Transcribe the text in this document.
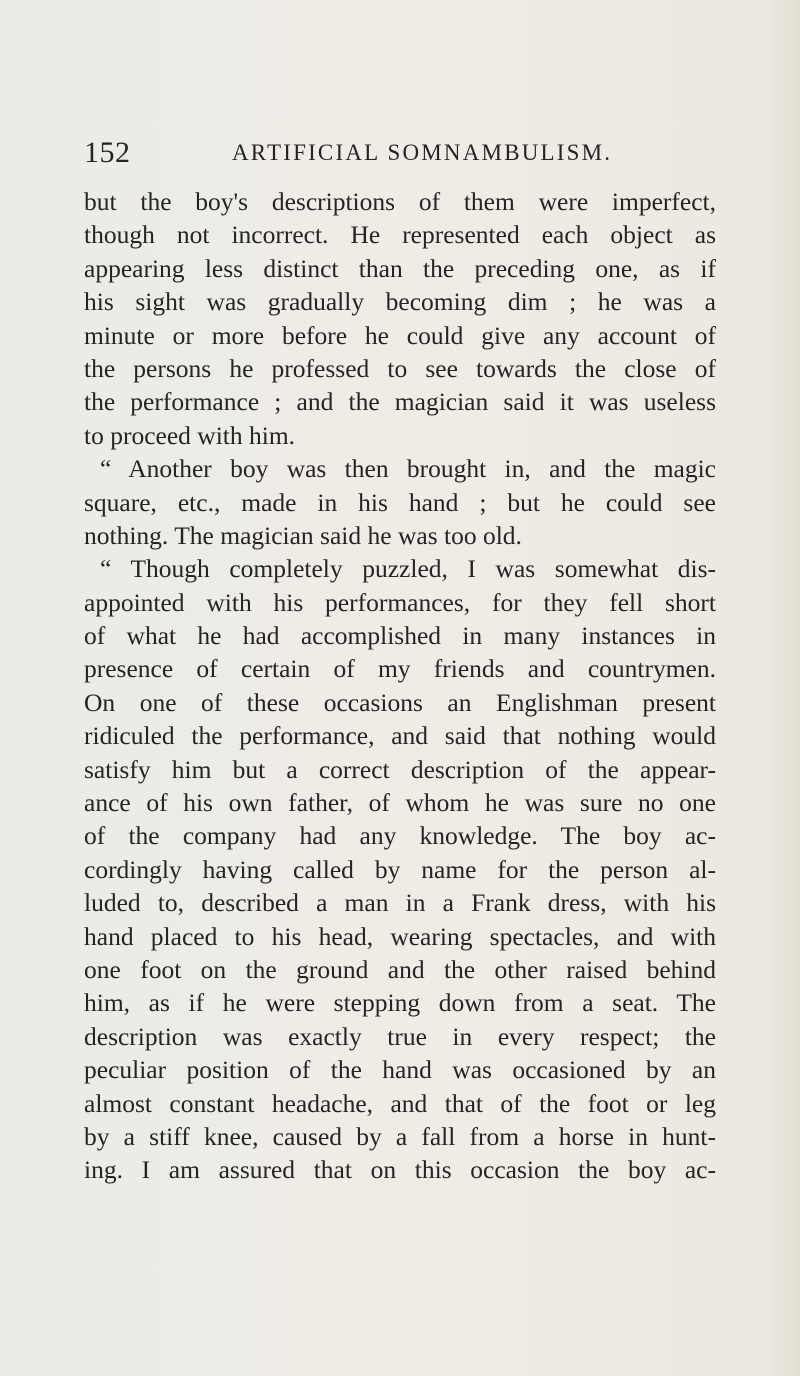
152	ARTIFICIAL SOMNAMBULISM.
but the boy's descriptions of them were imperfect,
though not incorrect. He represented each object as
appearing less distinct than the preceding one, as if
his sight was gradually becoming dim ; he was a
minute or more before he could give any account of
the persons he professed to see towards the close of
the performance ; and the magician said it was useless
to proceed with him.
“ Another boy was then brought in, and the magic
square, etc., made in his hand ; but he could see
nothing. The magician said he was too old.
“ Though completely puzzled, I was somewhat dis-
appointed with his performances, for they fell short
of what he had accomplished in many instances in
presence of certain of my friends and countrymen.
On one of these occasions an Englishman present
ridiculed the performance, and said that nothing would
satisfy him but a correct description of the appear-
ance of his own father, of whom he was sure no one
of the company had any knowledge. The boy ac-
cordingly having called by name for the person al-
luded to, described a man in a Frank dress, with his
hand placed to his head, wearing spectacles, and with
one foot on the ground and the other raised behind
him, as if he were stepping down from a seat. The
description was exactly true in every respect; the
peculiar position of the hand was occasioned by an
almost constant headache, and that of the foot or leg
by a stiff knee, caused by a fall from a horse in hunt-
ing. I am assured that on this occasion the boy ac-
